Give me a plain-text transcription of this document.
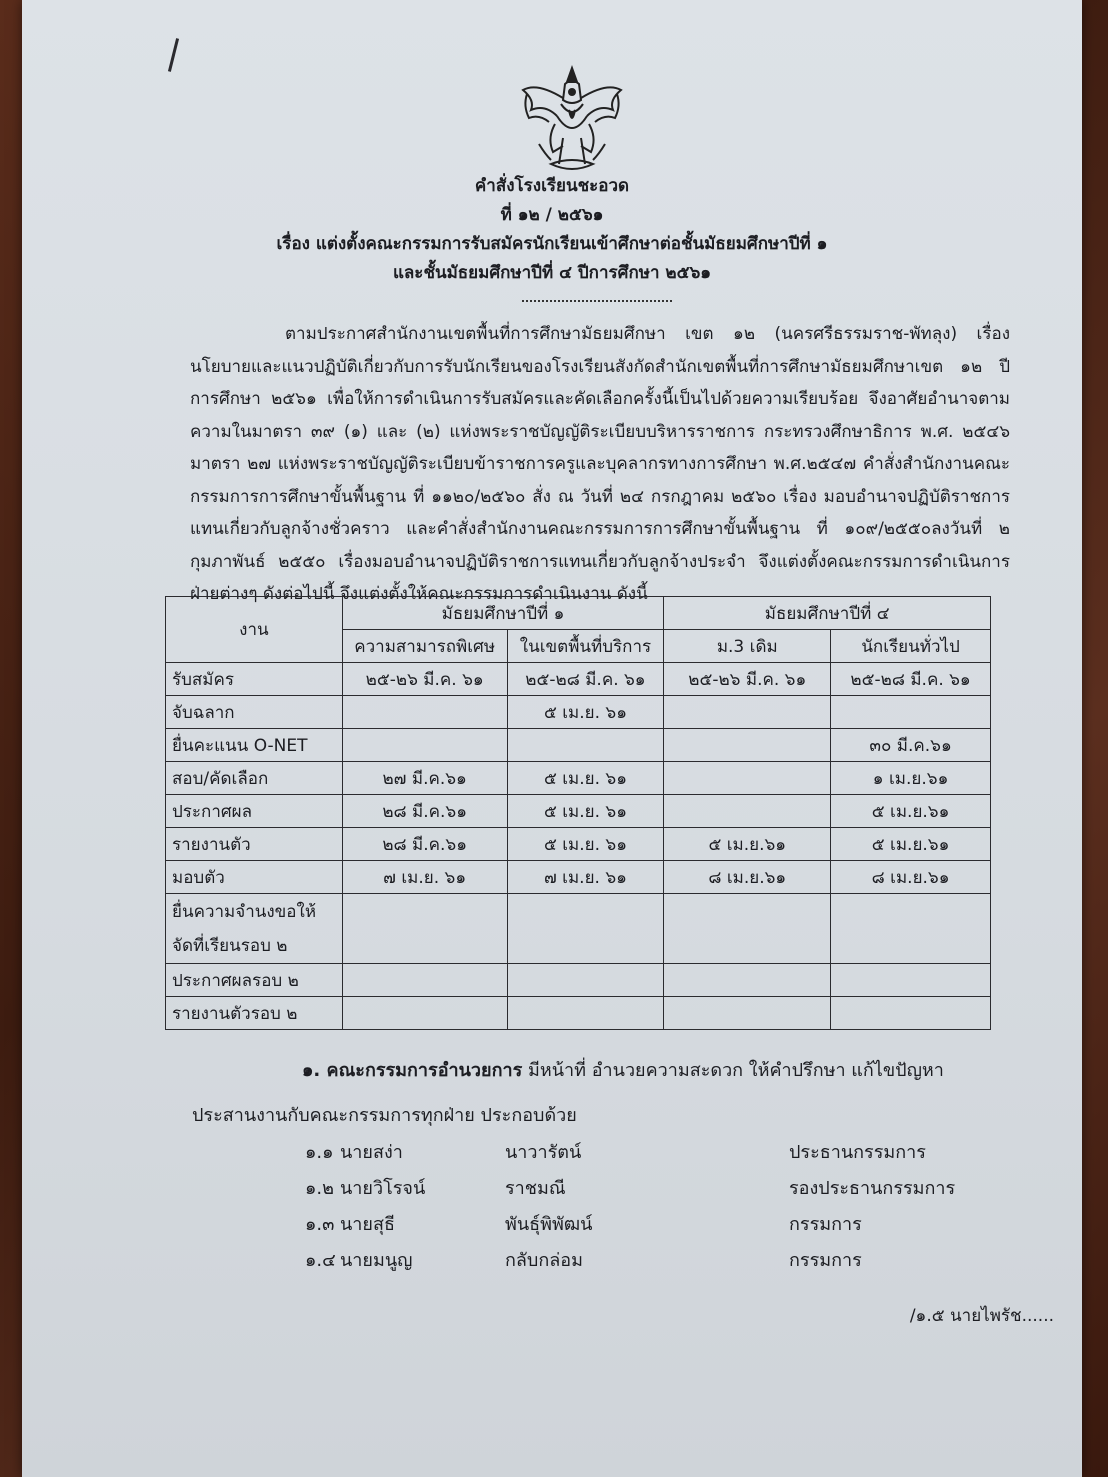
คำสั่งโรงเรียนชะอวด
ที่ ๑๒ / ๒๕๖๑
เรื่อง แต่งตั้งคณะกรรมการรับสมัครนักเรียนเข้าศึกษาต่อชั้นมัธยมศึกษาปีที่ ๑
และชั้นมัธยมศึกษาปีที่ ๔ ปีการศึกษา ๒๕๖๑

ตามประกาศสำนักงานเขตพื้นที่การศึกษามัธยมศึกษา เขต ๑๒ (นครศรีธรรมราช-พัทลุง) เรื่อง นโยบายและแนวปฏิบัติเกี่ยวกับการรับนักเรียนของโรงเรียนสังกัดสำนักเขตพื้นที่การศึกษามัธยมศึกษาเขต ๑๒ ปีการศึกษา ๒๕๖๑ เพื่อให้การดำเนินการรับสมัครและคัดเลือกครั้งนี้เป็นไปด้วยความเรียบร้อย จึงอาศัยอำนาจตามความในมาตรา ๓๙ (๑) และ (๒) แห่งพระราชบัญญัติระเบียบบริหารราชการ กระทรวงศึกษาธิการ พ.ศ. ๒๕๔๖ มาตรา ๒๗ แห่งพระราชบัญญัติระเบียบข้าราชการครูและบุคลากรทางการศึกษา พ.ศ.๒๕๔๗ คำสั่งสำนักงานคณะกรรมการการศึกษาขั้นพื้นฐาน ที่ ๑๑๒๐/๒๕๖๐ สั่ง ณ วันที่ ๒๔ กรกฎาคม ๒๕๖๐ เรื่อง มอบอำนาจปฏิบัติราชการแทนเกี่ยวกับลูกจ้างชั่วคราว และคำสั่งสำนักงานคณะกรรมการการศึกษาขั้นพื้นฐาน ที่ ๑๐๙/๒๕๕๐ลงวันที่ ๒ กุมภาพันธ์ ๒๕๕๐ เรื่องมอบอำนาจปฏิบัติราชการแทนเกี่ยวกับลูกจ้างประจำ จึงแต่งตั้งคณะกรรมการดำเนินการฝ่ายต่างๆ ดังต่อไปนี้ จึงแต่งตั้งให้คณะกรรมการดำเนินงาน ดังนี้

งาน	มัธยมศึกษาปีที่ ๑		มัธยมศึกษาปีที่ ๔	
	ความสามารถพิเศษ	ในเขตพื้นที่บริการ	ม.3 เดิม	นักเรียนทั่วไป
รับสมัคร	๒๕-๒๖ มี.ค. ๖๑	๒๕-๒๘ มี.ค. ๖๑	๒๕-๒๖ มี.ค. ๖๑	๒๕-๒๘ มี.ค. ๖๑
จับฉลาก		๕ เม.ย. ๖๑		
ยื่นคะแนน O-NET				๓๐ มี.ค.๖๑
สอบ/คัดเลือก	๒๗ มี.ค.๖๑	๕ เม.ย. ๖๑		๑ เม.ย.๖๑
ประกาศผล	๒๘ มี.ค.๖๑	๕ เม.ย. ๖๑		๕ เม.ย.๖๑
รายงานตัว	๒๘ มี.ค.๖๑	๕ เม.ย. ๖๑	๕ เม.ย.๖๑	๕ เม.ย.๖๑
มอบตัว	๗ เม.ย. ๖๑	๗ เม.ย. ๖๑	๘ เม.ย.๖๑	๘ เม.ย.๖๑
ยื่นความจำนงขอให้ จัดที่เรียนรอบ ๒				
ประกาศผลรอบ ๒				
รายงานตัวรอบ ๒				
๑. คณะกรรมการอำนวยการ มีหน้าที่ อำนวยความสะดวก ให้คำปรึกษา แก้ไขปัญหา
ประสานงานกับคณะกรรมการทุกฝ่าย ประกอบด้วย
๑.๑ นายสง่า	นาวารัตน์	ประธานกรรมการ
๑.๒ นายวิโรจน์	ราชมณี	รองประธานกรรมการ
๑.๓ นายสุธี	พันธุ์พิพัฒน์	กรรมการ
๑.๔ นายมนูญ	กลับกล่อม	กรรมการ
/๑.๕ นายไพรัช......
